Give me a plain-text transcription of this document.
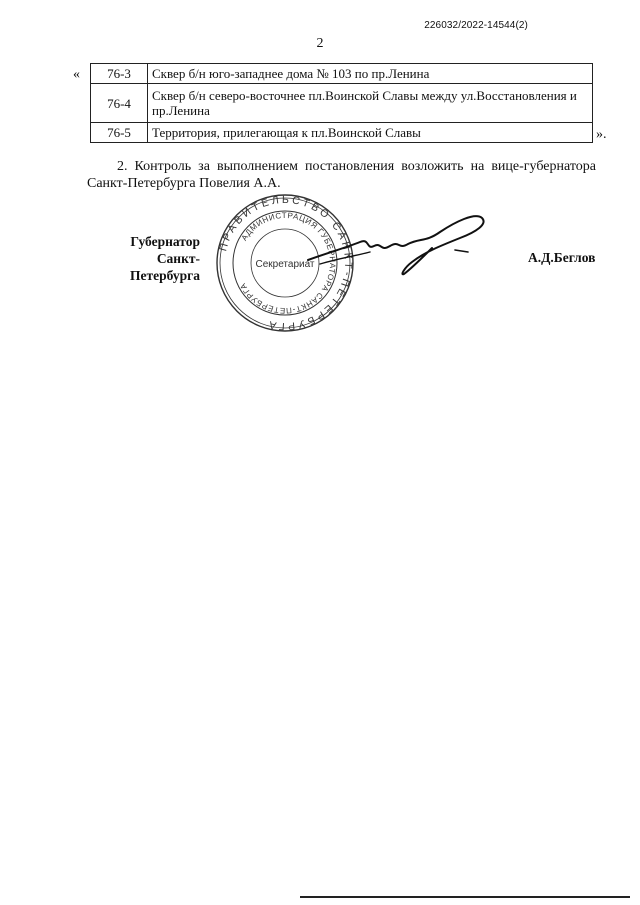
226032/2022-14544(2)
2
« 76-3	Сквер б/н юго-западнее дома № 103 по пр.Ленина
76-4	Сквер б/н северо-восточнее пл.Воинской Славы между ул.Восстановления и пр.Ленина
76-5	Территория, прилегающая к пл.Воинской Славы	».
2. Контроль за выполнением постановления возложить на вице-губернатора Санкт-Петербурга Повелия А.А.
Губернатор
Санкт-Петербурга
ПРАВИТЕЛЬСТВО САНКТ-ПЕТЕРБУРГА
АДМИНИСТРАЦИЯ ГУБЕРНАТОРА САНКТ-ПЕТЕРБУРГА
Секретариат	А.Д.Беглов
